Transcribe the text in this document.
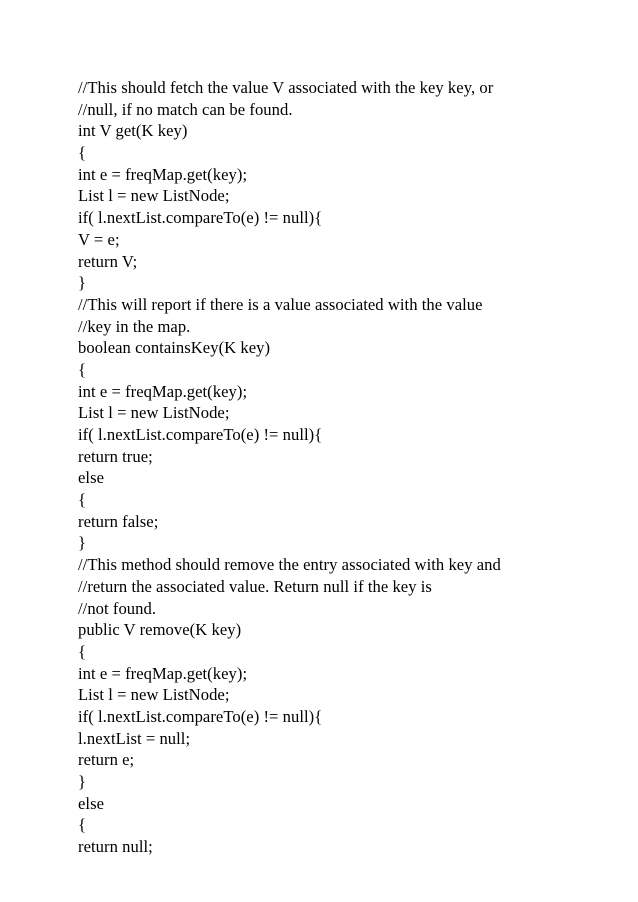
//This should fetch the value V associated with the key key, or
//null, if no match can be found.
int V get(K key)
{
int e = freqMap.get(key);
List l = new ListNode;
if( l.nextList.compareTo(e) != null){
V = e;
return V;
}
//This will report if there is a value associated with the value
//key in the map.
boolean containsKey(K key)
{
int e = freqMap.get(key);
List l = new ListNode;
if( l.nextList.compareTo(e) != null){
return true;
else
{
return false;
}
//This method should remove the entry associated with key and
//return the associated value. Return null if the key is
//not found.
public V remove(K key)
{
int e = freqMap.get(key);
List l = new ListNode;
if( l.nextList.compareTo(e) != null){
l.nextList = null;
return e;
}
else
{
return null;
